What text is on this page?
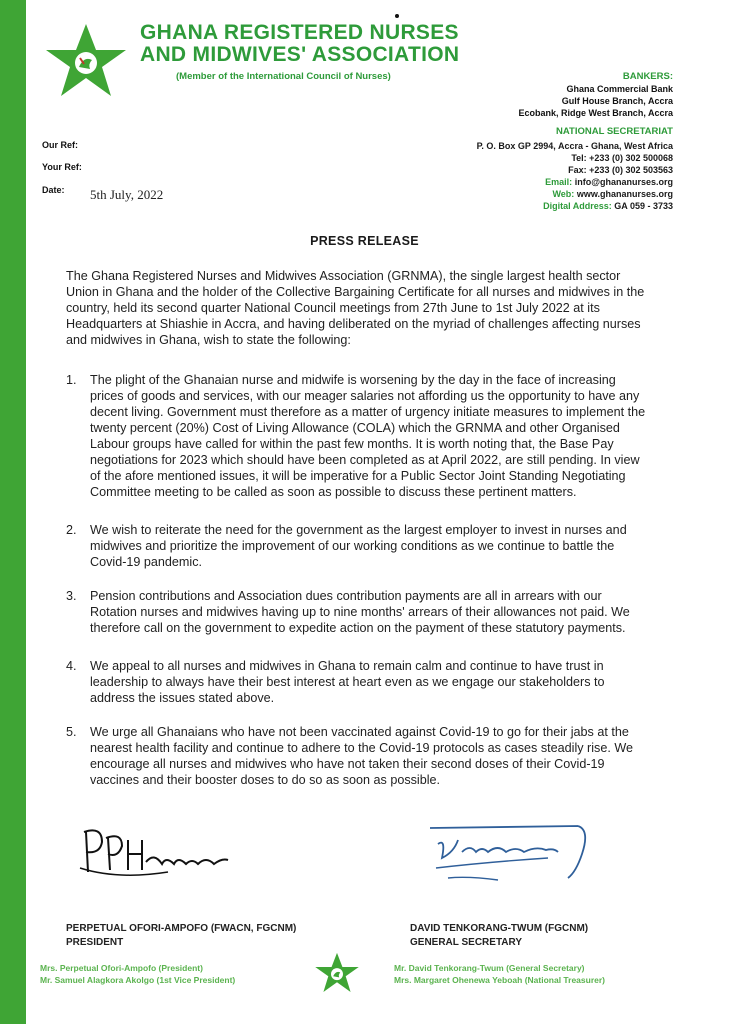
GHANA REGISTERED NURSES
AND MIDWIVES' ASSOCIATION
(Member of the International Council of Nurses)	BANKERS:
Ghana Commercial Bank
Gulf House Branch, Accra
Ecobank, Ridge West Branch, Accra
NATIONAL SECRETARIAT
P. O. Box GP 2994, Accra - Ghana, West Africa
Tel: +233 (0) 302 500068
Fax: +233 (0) 302 503563
Email: info@ghananurses.org
Web: www.ghananurses.org
Digital Address: GA 059 - 3733
Our Ref:
Your Ref:
Date: 5th July, 2022
PRESS RELEASE
The Ghana Registered Nurses and Midwives Association (GRNMA), the single largest health sector Union in Ghana and the holder of the Collective Bargaining Certificate for all nurses and midwives in the country, held its second quarter National Council meetings from 27th June to 1st July 2022 at its Headquarters at Shiashie in Accra, and having deliberated on the myriad of challenges affecting nurses and midwives in Ghana, wish to state the following:
1. The plight of the Ghanaian nurse and midwife is worsening by the day in the face of increasing prices of goods and services, with our meager salaries not affording us the opportunity to have any decent living. Government must therefore as a matter of urgency initiate measures to implement the twenty percent (20%) Cost of Living Allowance (COLA) which the GRNMA and other Organised Labour groups have called for within the past few months. It is worth noting that, the Base Pay negotiations for 2023 which should have been completed as at April 2022, are still pending. In view of the afore mentioned issues, it will be imperative for a Public Sector Joint Standing Negotiating Committee meeting to be called as soon as possible to discuss these pertinent matters.
2. We wish to reiterate the need for the government as the largest employer to invest in nurses and midwives and prioritize the improvement of our working conditions as we continue to battle the Covid-19 pandemic.
3. Pension contributions and Association dues contribution payments are all in arrears with our Rotation nurses and midwives having up to nine months' arrears of their allowances not paid. We therefore call on the government to expedite action on the payment of these statutory payments.
4. We appeal to all nurses and midwives in Ghana to remain calm and continue to have trust in leadership to always have their best interest at heart even as we engage our stakeholders to address the issues stated above.
5. We urge all Ghanaians who have not been vaccinated against Covid-19 to go for their jabs at the nearest health facility and continue to adhere to the Covid-19 protocols as cases steadily rise. We encourage all nurses and midwives who have not taken their second doses of their Covid-19 vaccines and their booster doses to do so as soon as possible.
PERPETUAL OFORI-AMPOFO (FWACN, FGCNM)
PRESIDENT
DAVID TENKORANG-TWUM (FGCNM)
GENERAL SECRETARY
Mrs. Perpetual Ofori-Ampofo (President)
Mr. Samuel Alagkora Akolgo (1st Vice President)
Mr. David Tenkorang-Twum (General Secretary)
Mrs. Margaret Ohenewa Yeboah (National Treasurer)
